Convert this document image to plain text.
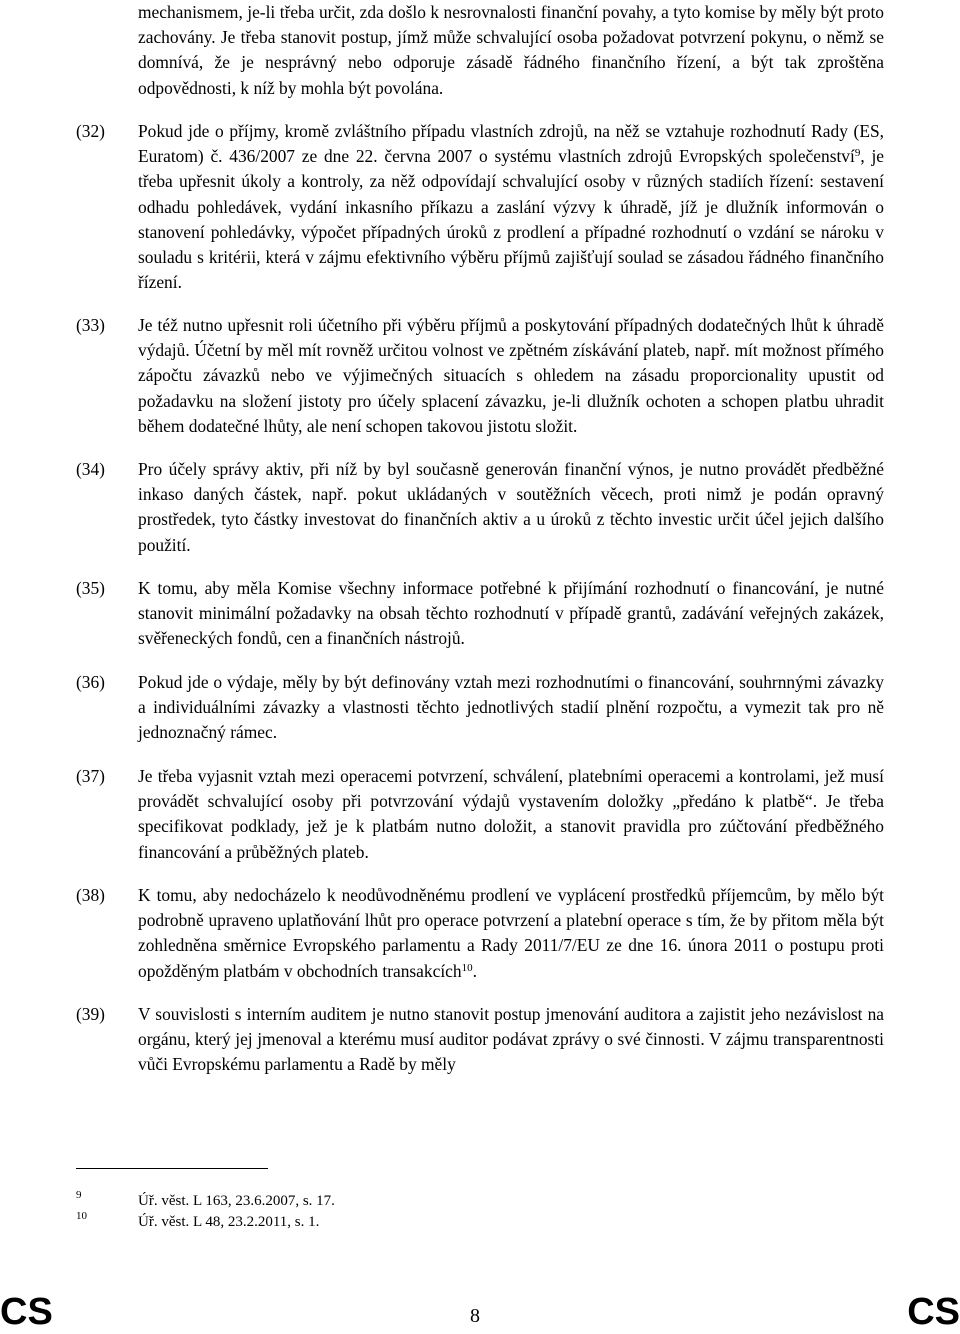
mechanismem, je-li třeba určit, zda došlo k nesrovnalosti finanční povahy, a tyto komise by měly být proto zachovány. Je třeba stanovit postup, jímž může schvalující osoba požadovat potvrzení pokynu, o němž se domnívá, že je nesprávný nebo odporuje zásadě řádného finančního řízení, a být tak zproštěna odpovědnosti, k níž by mohla být povolána.

(32) Pokud jde o příjmy, kromě zvláštního případu vlastních zdrojů, na něž se vztahuje rozhodnutí Rady (ES, Euratom) č. 436/2007 ze dne 22. června 2007 o systému vlastních zdrojů Evropských společenství$^9$, je třeba upřesnit úkoly a kontroly, za něž odpovídají schvalující osoby v různých stadiích řízení: sestavení odhadu pohledávek, vydání inkasního příkazu a zaslání výzvy k úhradě, jíž je dlužník informován o stanovení pohledávky, výpočet případných úroků z prodlení a případné rozhodnutí o vzdání se nároku v souladu s kritérii, která v zájmu efektivního výběru příjmů zajišťují soulad se zásadou řádného finančního řízení.

(33) Je též nutno upřesnit roli účetního při výběru příjmů a poskytování případných dodatečných lhůt k úhradě výdajů. Účetní by měl mít rovněž určitou volnost ve zpětném získávání plateb, např. mít možnost přímého zápočtu závazků nebo ve výjimečných situacích s ohledem na zásadu proporcionality upustit od požadavku na složení jistoty pro účely splacení závazku, je-li dlužník ochoten a schopen platbu uhradit během dodatečné lhůty, ale není schopen takovou jistotu složit.

(34) Pro účely správy aktiv, při níž by byl současně generován finanční výnos, je nutno provádět předběžné inkaso daných částek, např. pokut ukládaných v soutěžních věcech, proti nimž je podán opravný prostředek, tyto částky investovat do finančních aktiv a u úroků z těchto investic určit účel jejich dalšího použití.

(35) K tomu, aby měla Komise všechny informace potřebné k přijímání rozhodnutí o financování, je nutné stanovit minimální požadavky na obsah těchto rozhodnutí v případě grantů, zadávání veřejných zakázek, svěřeneckých fondů, cen a finančních nástrojů.

(36) Pokud jde o výdaje, měly by být definovány vztah mezi rozhodnutími o financování, souhrnnými závazky a individuálními závazky a vlastnosti těchto jednotlivých stadií plnění rozpočtu, a vymezit tak pro ně jednoznačný rámec.

(37) Je třeba vyjasnit vztah mezi operacemi potvrzení, schválení, platebními operacemi a kontrolami, jež musí provádět schvalující osoby při potvrzování výdajů vystavením doložky „předáno k platbě“. Je třeba specifikovat podklady, jež je k platbám nutno doložit, a stanovit pravidla pro zúčtování předběžného financování a průběžných plateb.

(38) K tomu, aby nedocházelo k neodůvodněnému prodlení ve vyplácení prostředků příjemcům, by mělo být podrobně upraveno uplatňování lhůt pro operace potvrzení a platební operace s tím, že by přitom měla být zohledněna směrnice Evropského parlamentu a Rady 2011/7/EU ze dne 16. února 2011 o postupu proti opožděným platbám v obchodních transakcích$^{10}$.

(39) V souvislosti s interním auditem je nutno stanovit postup jmenování auditora a zajistit jeho nezávislost na orgánu, který jej jmenoval a kterému musí auditor podávat zprávy o své činnosti. V zájmu transparentnosti vůči Evropskému parlamentu a Radě by měly

9	Úř. věst. L 163, 23.6.2007, s. 17.
10	Úř. věst. L 48, 23.2.2011, s. 1.
CS	8	CS
